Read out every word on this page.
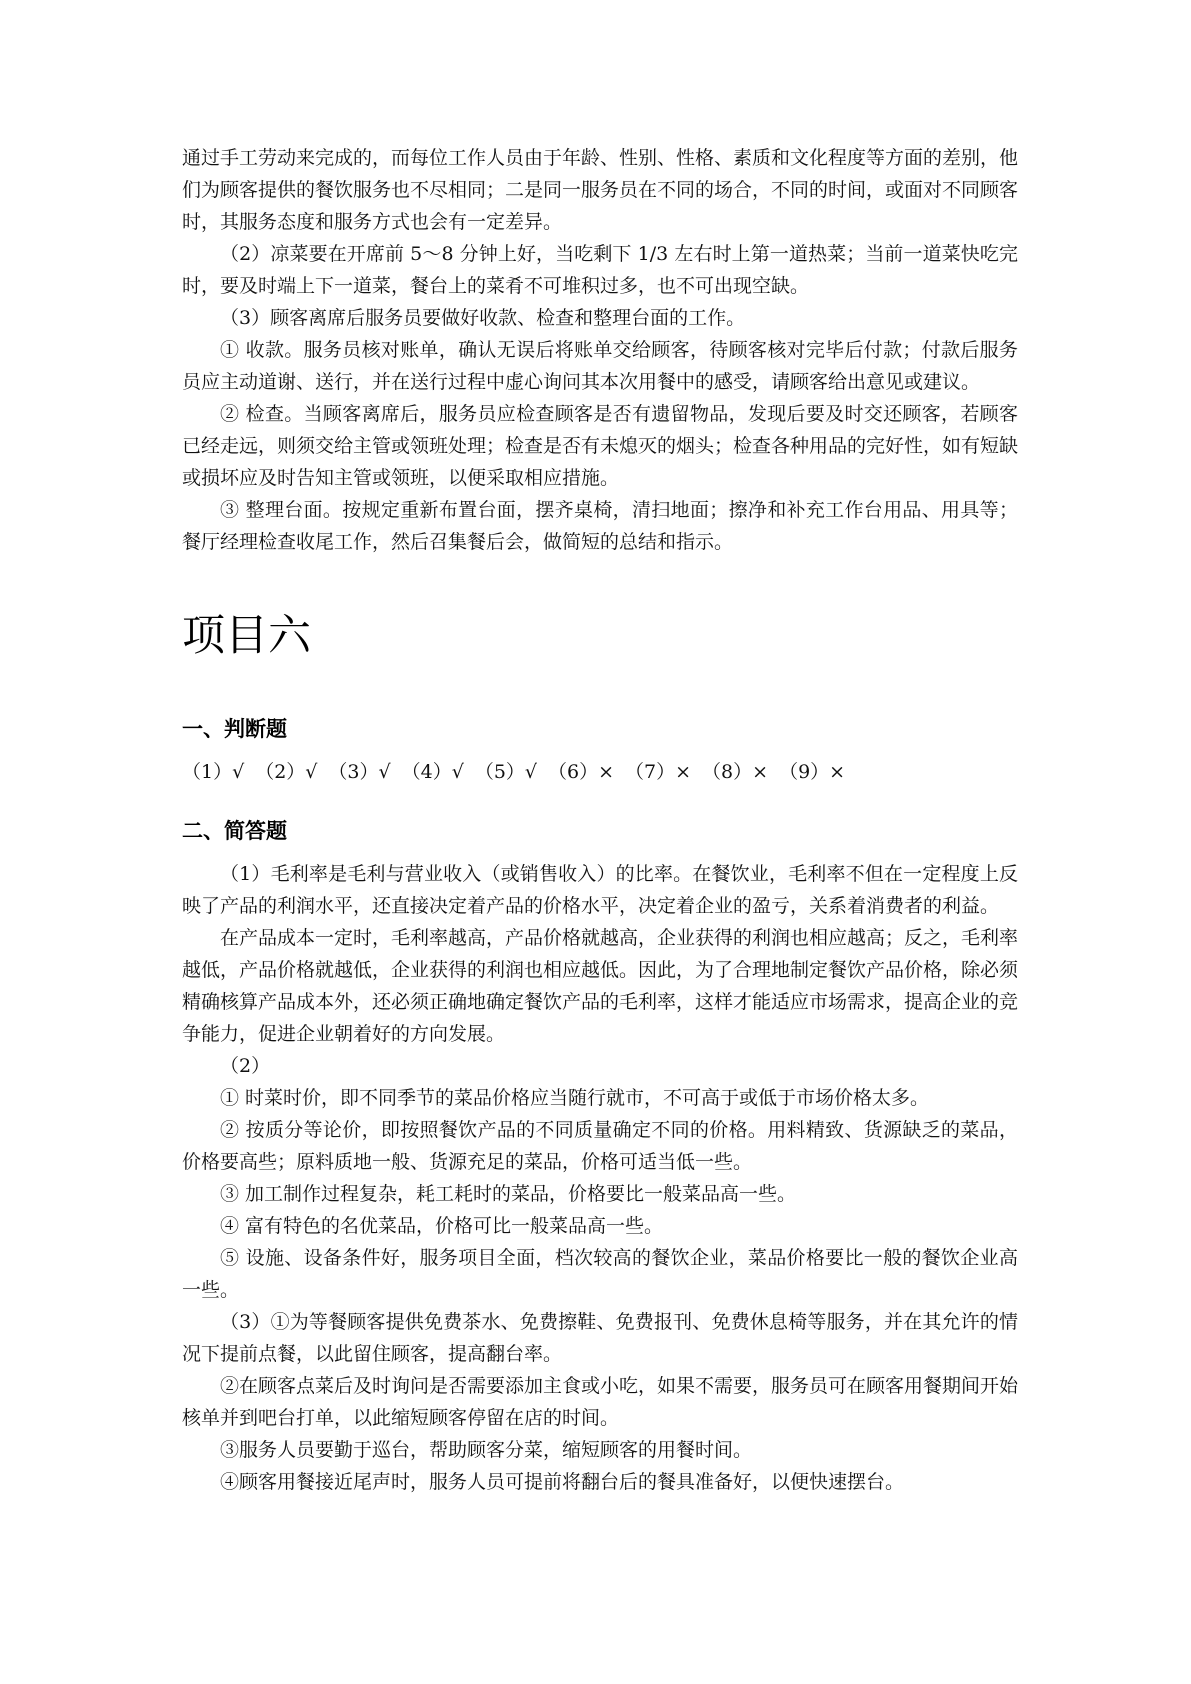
通过手工劳动来完成的，而每位工作人员由于年龄、性别、性格、素质和文化程度等方面的差别，他们为顾客提供的餐饮服务也不尽相同；二是同一服务员在不同的场合，不同的时间，或面对不同顾客时，其服务态度和服务方式也会有一定差异。

（2）凉菜要在开席前 5～8 分钟上好，当吃剩下 1/3 左右时上第一道热菜；当前一道菜快吃完时，要及时端上下一道菜，餐台上的菜肴不可堆积过多，也不可出现空缺。

（3）顾客离席后服务员要做好收款、检查和整理台面的工作。

① 收款。服务员核对账单，确认无误后将账单交给顾客，待顾客核对完毕后付款；付款后服务员应主动道谢、送行，并在送行过程中虚心询问其本次用餐中的感受，请顾客给出意见或建议。

② 检查。当顾客离席后，服务员应检查顾客是否有遗留物品，发现后要及时交还顾客，若顾客已经走远，则须交给主管或领班处理；检查是否有未熄灭的烟头；检查各种用品的完好性，如有短缺或损坏应及时告知主管或领班，以便采取相应措施。

③ 整理台面。按规定重新布置台面，摆齐桌椅，清扫地面；擦净和补充工作台用品、用具等；餐厅经理检查收尾工作，然后召集餐后会，做简短的总结和指示。

项目六
一、判断题
（1）√ （2）√ （3）√ （4）√ （5）√ （6）× （7）× （8）× （9）×
二、简答题

（1）毛利率是毛利与营业收入（或销售收入）的比率。在餐饮业，毛利率不但在一定程度上反映了产品的利润水平，还直接决定着产品的价格水平，决定着企业的盈亏，关系着消费者的利益。

在产品成本一定时，毛利率越高，产品价格就越高，企业获得的利润也相应越高；反之，毛利率越低，产品价格就越低，企业获得的利润也相应越低。因此，为了合理地制定餐饮产品价格，除必须精确核算产品成本外，还必须正确地确定餐饮产品的毛利率，这样才能适应市场需求，提高企业的竞争能力，促进企业朝着好的方向发展。

（2）

① 时菜时价，即不同季节的菜品价格应当随行就市，不可高于或低于市场价格太多。

② 按质分等论价，即按照餐饮产品的不同质量确定不同的价格。用料精致、货源缺乏的菜品，价格要高些；原料质地一般、货源充足的菜品，价格可适当低一些。

③ 加工制作过程复杂，耗工耗时的菜品，价格要比一般菜品高一些。

④ 富有特色的名优菜品，价格可比一般菜品高一些。

⑤ 设施、设备条件好，服务项目全面，档次较高的餐饮企业，菜品价格要比一般的餐饮企业高一些。

（3）①为等餐顾客提供免费茶水、免费擦鞋、免费报刊、免费休息椅等服务，并在其允许的情况下提前点餐，以此留住顾客，提高翻台率。

②在顾客点菜后及时询问是否需要添加主食或小吃，如果不需要，服务员可在顾客用餐期间开始核单并到吧台打单，以此缩短顾客停留在店的时间。

③服务人员要勤于巡台，帮助顾客分菜，缩短顾客的用餐时间。

④顾客用餐接近尾声时，服务人员可提前将翻台后的餐具准备好，以便快速摆台。
